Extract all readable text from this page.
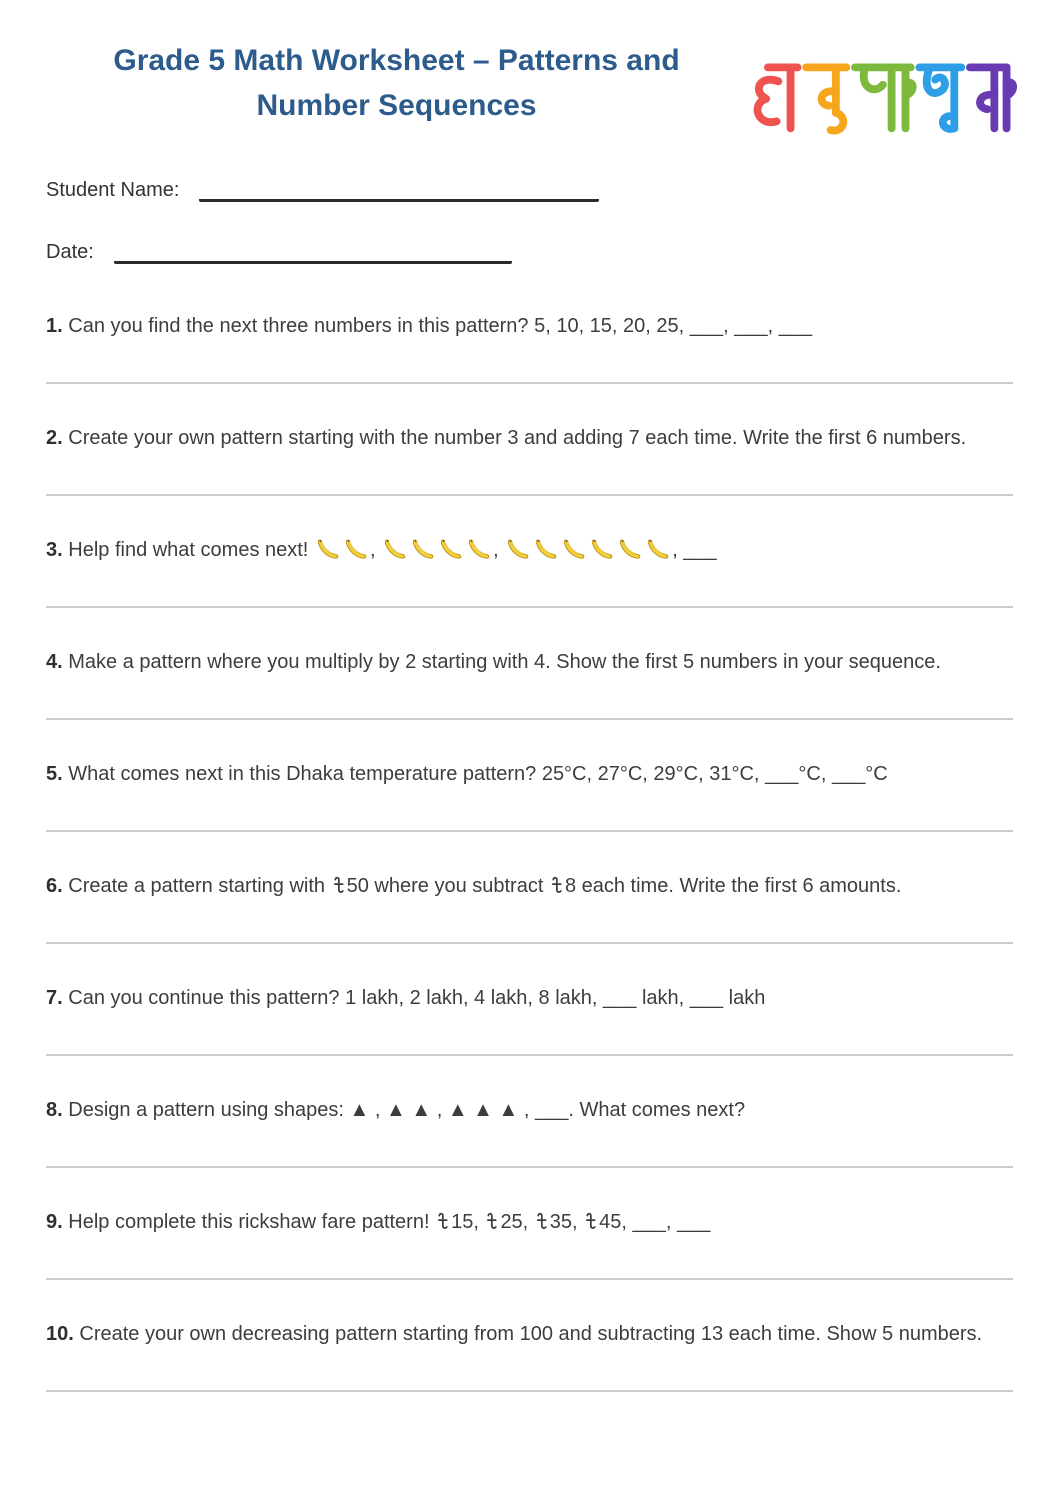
Grade 5 Math Worksheet – Patterns and
Number Sequences
Student Name:
Date:
1. Can you find the next three numbers in this pattern? 5, 10, 15, 20, 25, ___, ___, ___
2. Create your own pattern starting with the number 3 and adding 7 each time. Write the first 6 numbers.
3. Help find what comes next!	,	,	, ___
4. Make a pattern where you multiply by 2 starting with 4. Show the first 5 numbers in your sequence.
5. What comes next in this Dhaka temperature pattern? 25°C, 27°C, 29°C, 31°C, ___°C, ___°C
6. Create a pattern starting with 50 where you subtract 8 each time. Write the first 6 amounts.
7. Can you continue this pattern? 1 lakh, 2 lakh, 4 lakh, 8 lakh, ___ lakh, ___ lakh
8. Design a pattern using shapes: ▲ , ▲ ▲ , ▲ ▲ ▲ , ___. What comes next?
9. Help complete this rickshaw fare pattern! 15, 25, 35, 45, ___, ___
10. Create your own decreasing pattern starting from 100 and subtracting 13 each time. Show 5 numbers.
